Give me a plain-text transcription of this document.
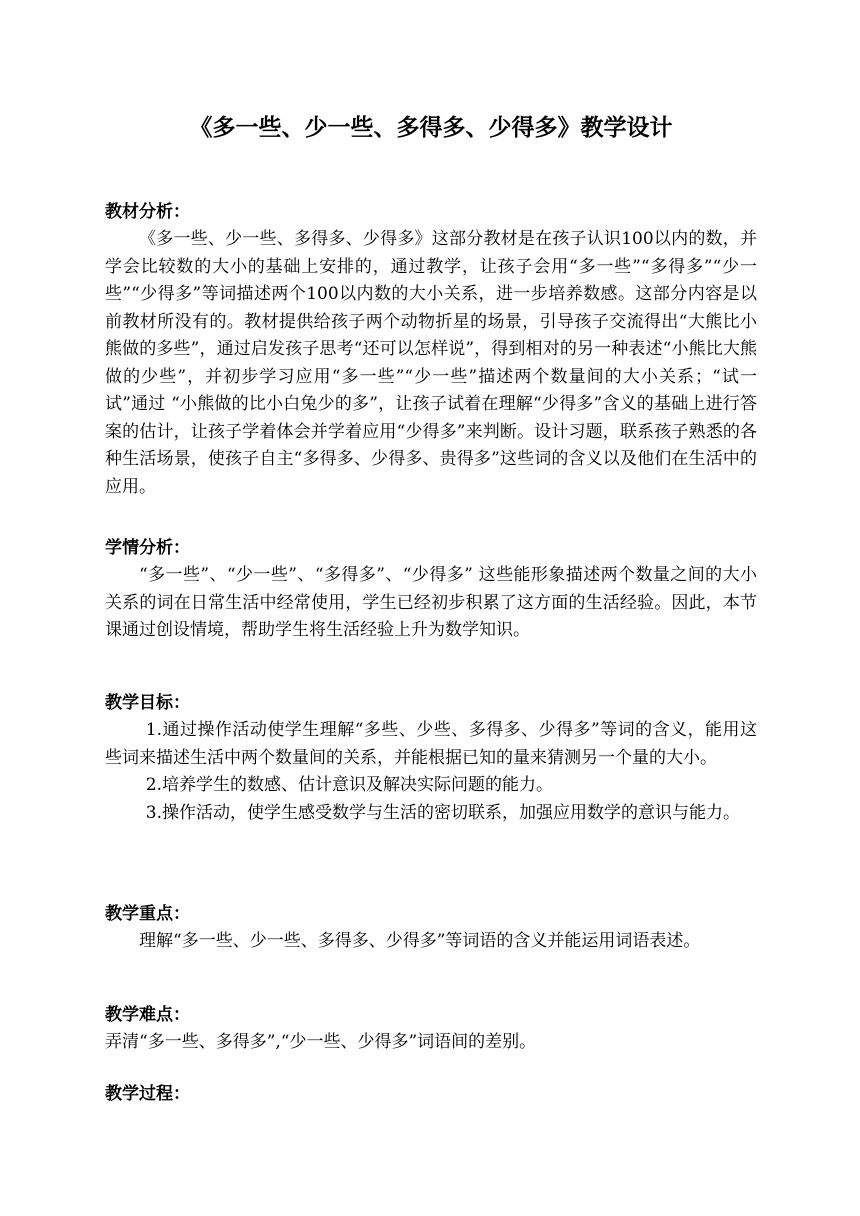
《多一些、少一些、多得多、少得多》教学设计

教材分析：

《多一些、少一些、多得多、少得多》这部分教材是在孩子认识100以内的数，并学会比较数的大小的基础上安排的，通过教学，让孩子会用“多一些”“多得多”“少一些”“少得多”等词描述两个100以内数的大小关系，进一步培养数感。这部分内容是以前教材所没有的。教材提供给孩子两个动物折星的场景，引导孩子交流得出“大熊比小熊做的多些”，通过启发孩子思考“还可以怎样说”，得到相对的另一种表述“小熊比大熊做的少些”，并初步学习应用“多一些”“少一些”描述两个数量间的大小关系；“试一试”通过 “小熊做的比小白兔少的多”，让孩子试着在理解“少得多”含义的基础上进行答案的估计，让孩子学着体会并学着应用“少得多”来判断。设计习题，联系孩子熟悉的各种生活场景，使孩子自主“多得多、少得多、贵得多”这些词的含义以及他们在生活中的应用。

学情分析：

“多一些”、“少一些”、“多得多”、“少得多” 这些能形象描述两个数量之间的大小关系的词在日常生活中经常使用，学生已经初步积累了这方面的生活经验。因此，本节课通过创设情境，帮助学生将生活经验上升为数学知识。

教学目标：

1.通过操作活动使学生理解“多些、少些、多得多、少得多”等词的含义，能用这些词来描述生活中两个数量间的关系，并能根据已知的量来猜测另一个量的大小。

2.培养学生的数感、估计意识及解决实际问题的能力。

3.操作活动，使学生感受数学与生活的密切联系，加强应用数学的意识与能力。

教学重点：

理解“多一些、少一些、多得多、少得多”等词语的含义并能运用词语表述。

教学难点：

弄清“多一些、多得多”,“少一些、少得多”词语间的差别。

教学过程：
